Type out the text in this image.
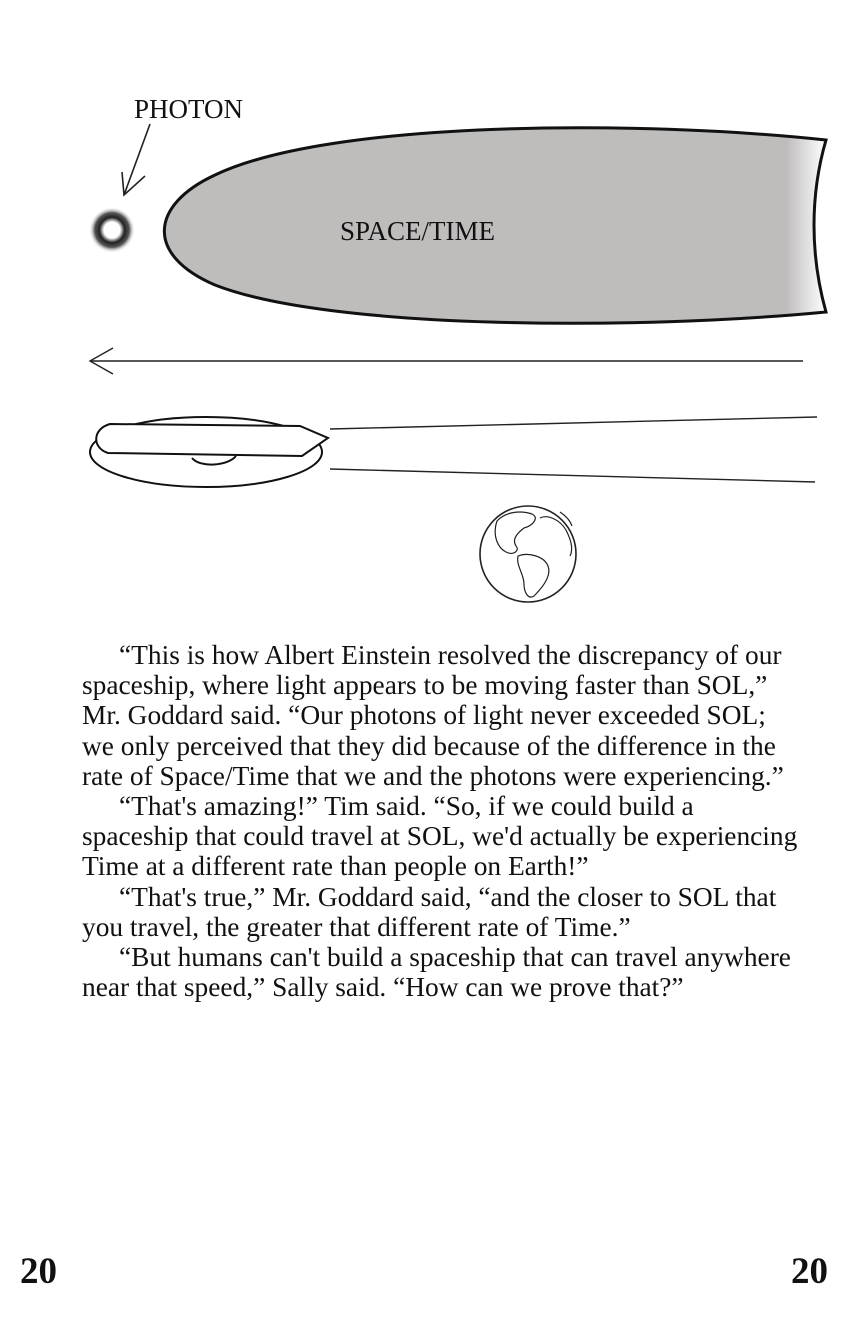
PHOTON
SPACE/TIME

“This is how Albert Einstein resolved the discrepancy of our spaceship, where light appears to be moving faster than SOL,” Mr. Goddard said. “Our photons of light never exceeded SOL; we only perceived that they did because of the difference in the rate of Space/Time that we and the photons were experiencing.”

“That's amazing!” Tim said. “So, if we could build a spaceship that could travel at SOL, we'd actually be experiencing Time at a different rate than people on Earth!”

“That's true,” Mr. Goddard said, “and the closer to SOL that you travel, the greater that different rate of Time.”

“But humans can't build a spaceship that can travel anywhere near that speed,” Sally said. “How can we prove that?”

20	20
